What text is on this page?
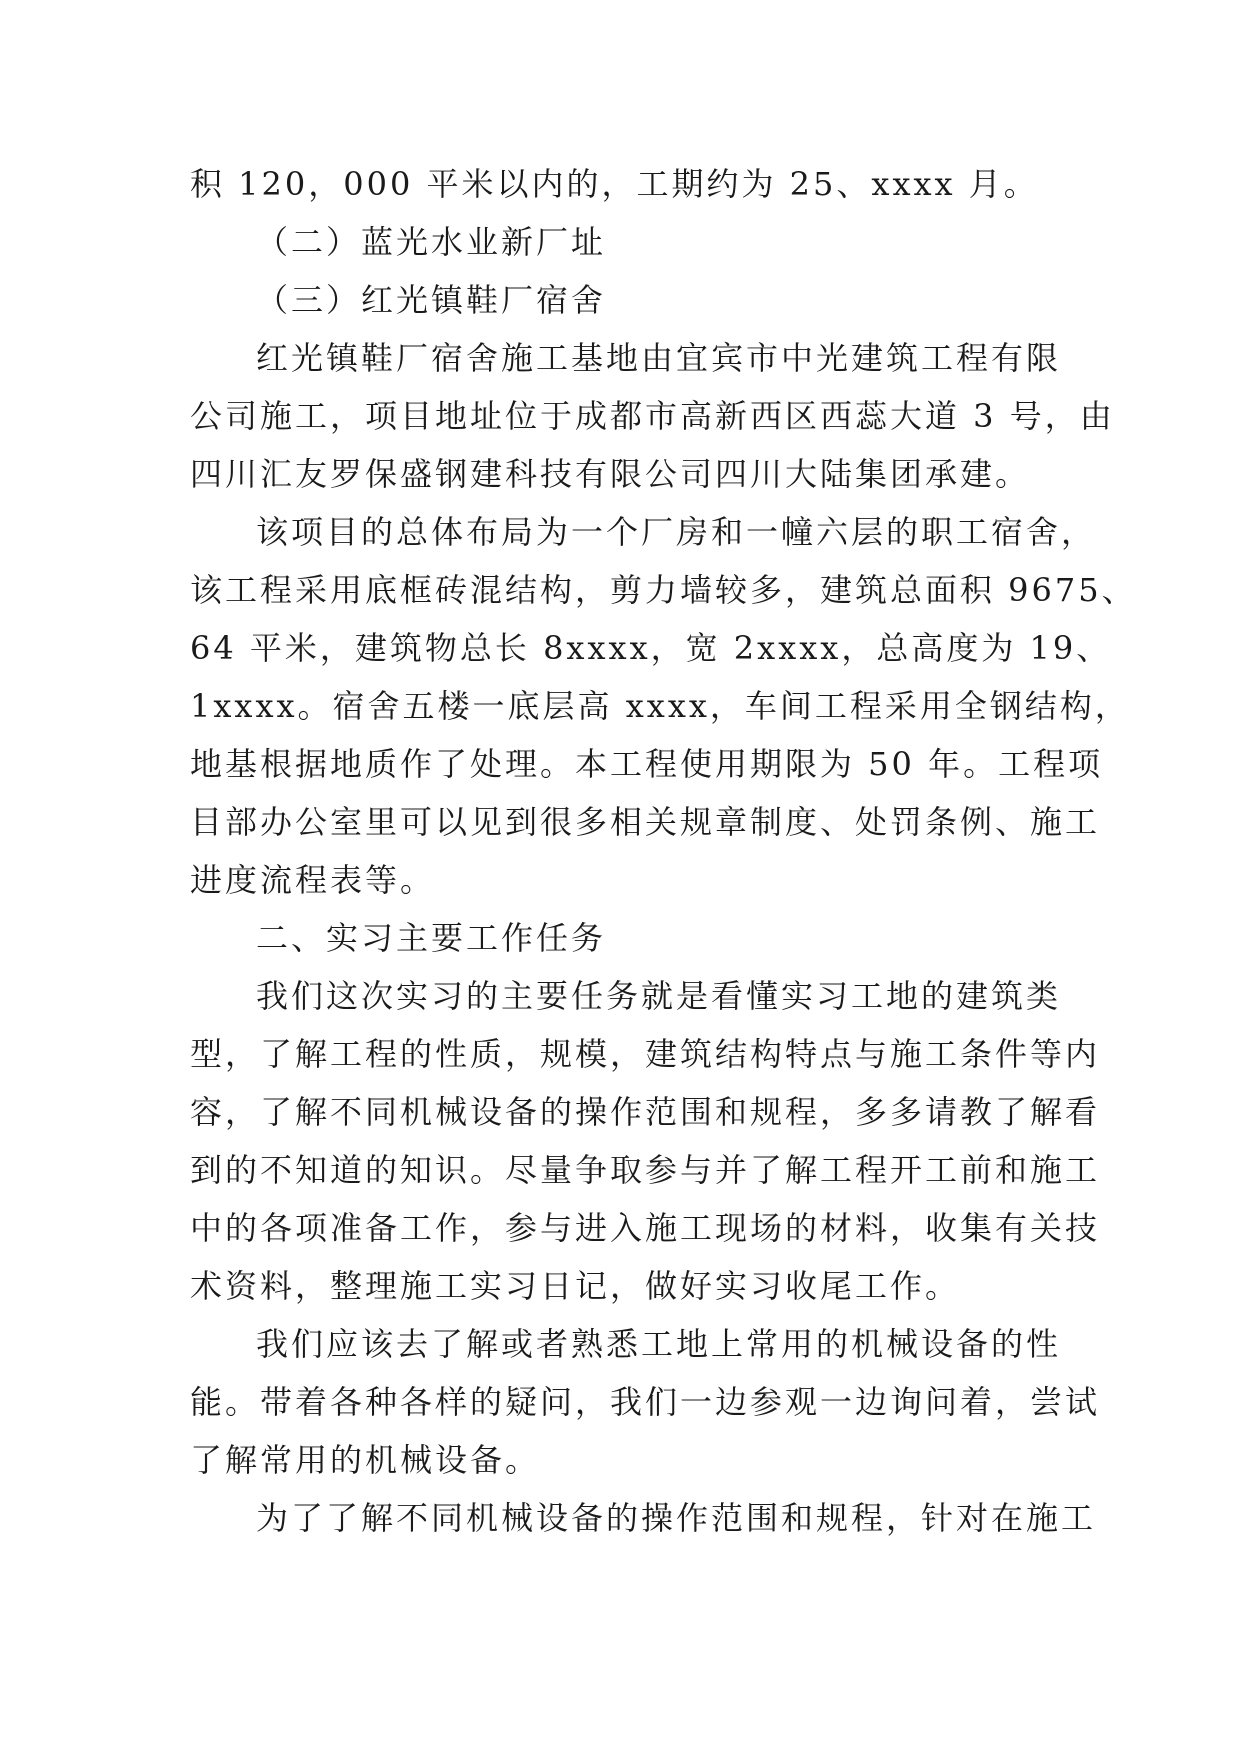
积 120，000 平米以内的，工期约为 25、xxxx 月。
（二）蓝光水业新厂址
（三）红光镇鞋厂宿舍
红光镇鞋厂宿舍施工基地由宜宾市中光建筑工程有限
公司施工，项目地址位于成都市高新西区西蕊大道 3 号，由
四川汇友罗保盛钢建科技有限公司四川大陆集团承建。
该项目的总体布局为一个厂房和一幢六层的职工宿舍，
该工程采用底框砖混结构，剪力墙较多，建筑总面积 9675、
64 平米，建筑物总长 8xxxx，宽 2xxxx，总高度为 19、
1xxxx。宿舍五楼一底层高 xxxx，车间工程采用全钢结构，
地基根据地质作了处理。本工程使用期限为 50 年。工程项
目部办公室里可以见到很多相关规章制度、处罚条例、施工
进度流程表等。
二、实习主要工作任务
我们这次实习的主要任务就是看懂实习工地的建筑类
型，了解工程的性质，规模，建筑结构特点与施工条件等内
容，了解不同机械设备的操作范围和规程，多多请教了解看
到的不知道的知识。尽量争取参与并了解工程开工前和施工
中的各项准备工作，参与进入施工现场的材料，收集有关技
术资料，整理施工实习日记，做好实习收尾工作。
我们应该去了解或者熟悉工地上常用的机械设备的性
能。带着各种各样的疑问，我们一边参观一边询问着，尝试
了解常用的机械设备。
为了了解不同机械设备的操作范围和规程，针对在施工
